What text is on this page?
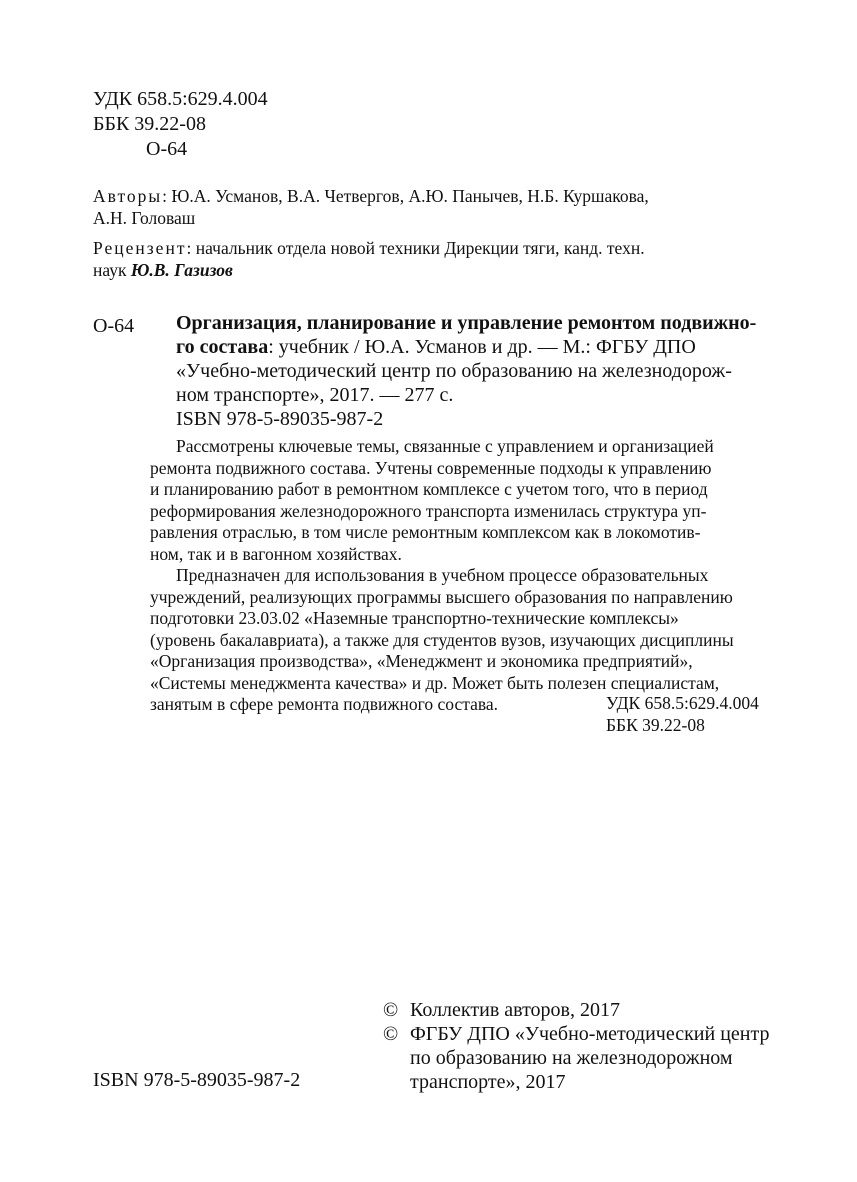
УДК 658.5:629.4.004
ББК 39.22-08
О-64
Авторы: Ю.А. Усманов, В.А. Четвергов, А.Ю. Панычев, Н.Б. Куршакова,
А.Н. Головаш
Рецензент: начальник отдела новой техники Дирекции тяги, канд. техн.
наук Ю.В. Газизов
О-64 Организация, планирование и управление ремонтом подвижно-
го состава: учебник / Ю.А. Усманов и др. — М.: ФГБУ ДПО
«Учебно-методический центр по образованию на железнодорож-
ном транспорте», 2017. — 277 с.
ISBN 978-5-89035-987-2
Рассмотрены ключевые темы, связанные с управлением и организацией
ремонта подвижного состава. Учтены современные подходы к управлению
и планированию работ в ремонтном комплексе с учетом того, что в период
реформирования железнодорожного транспорта изменилась структура уп-
равления отраслью, в том числе ремонтным комплексом как в локомотив-
ном, так и в вагонном хозяйствах.
Предназначен для использования в учебном процессе образовательных
учреждений, реализующих программы высшего образования по направлению
подготовки 23.03.02 «Наземные транспортно-технические комплексы»
(уровень бакалавриата), а также для студентов вузов, изучающих дисциплины
«Организация производства», «Менеджмент и экономика предприятий»,
«Системы менеджмента качества» и др. Может быть полезен специалистам,
занятым в сфере ремонта подвижного состава.	УДК 658.5:629.4.004
ББК 39.22-08
© Коллектив авторов, 2017
© ФГБУ ДПО «Учебно-методический центр
по образованию на железнодорожном
транспорте», 2017
ISBN 978-5-89035-987-2
